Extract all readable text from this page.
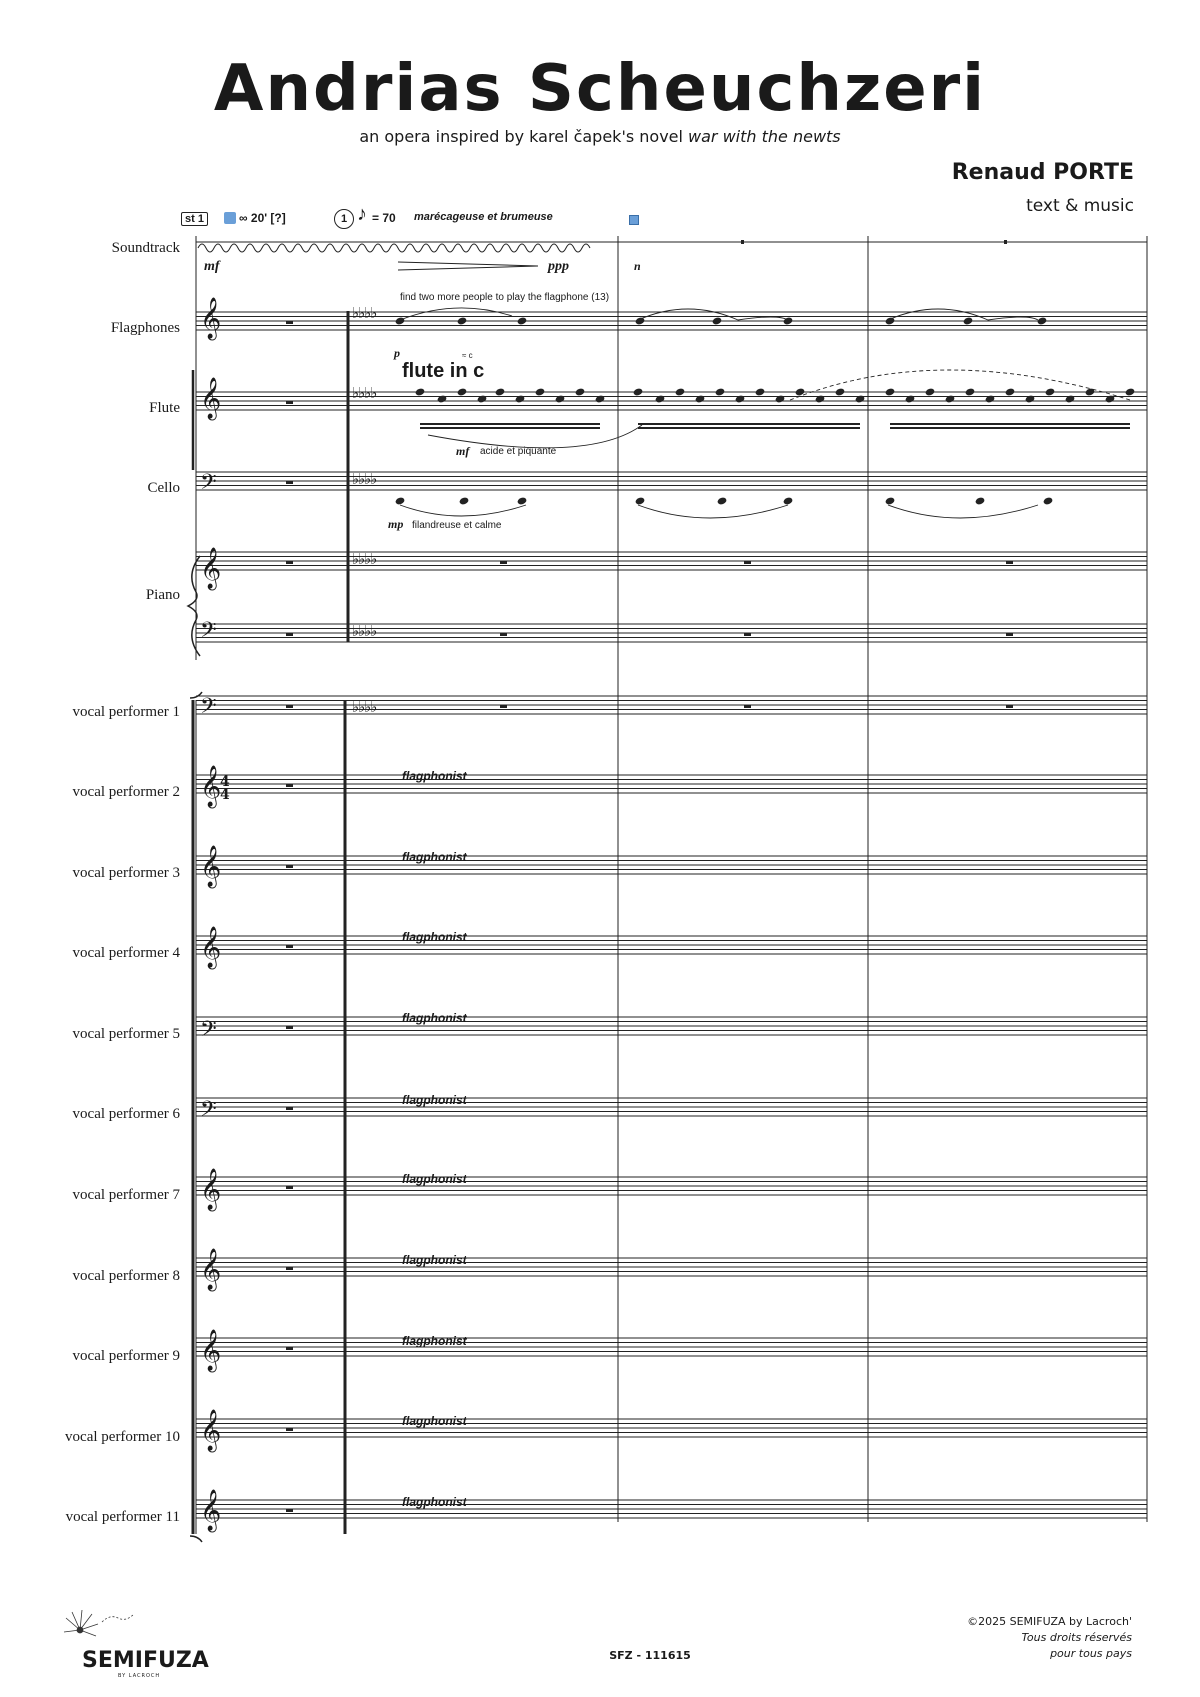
Andrias Scheuchzeri
an opera inspired by karel čapek's novel war with the newts
Renaud PORTE
text & music
st 1	∞ 20' [?]	1 ♪ = 70 marécageuse et brumeuse
Soundtrack
Flagphones
Flute
Cello
Piano
vocal performer 1
vocal performer 2
vocal performer 3
vocal performer 4
vocal performer 5
vocal performer 6
vocal performer 7
vocal performer 8
vocal performer 9
vocal performer 10
vocal performer 11
𝄞
𝄞
𝄢
𝄞
𝄢
𝄢
𝄞
𝄞
𝄞
𝄢
𝄢
𝄞
𝄞
𝄞
𝄞
𝄞
4
4
♭♭♭♭
♭♭♭♭
♭♭♭♭
♭♭♭♭
♭♭♭♭
♭♭♭♭
mf	ppp	n
find two more people to play the flagphone (13)
p	≈ c
flute in c
mf acide et piquante
mp filandreuse et calme
flagphonist
flagphonist
flagphonist
flagphonist
flagphonist
flagphonist
flagphonist
flagphonist
flagphonist
flagphonist
SEMIFUZA
BY LACROCH
SFZ - 111615
©2025 SEMIFUZA by Lacroch'
Tous droits réservés
pour tous pays
